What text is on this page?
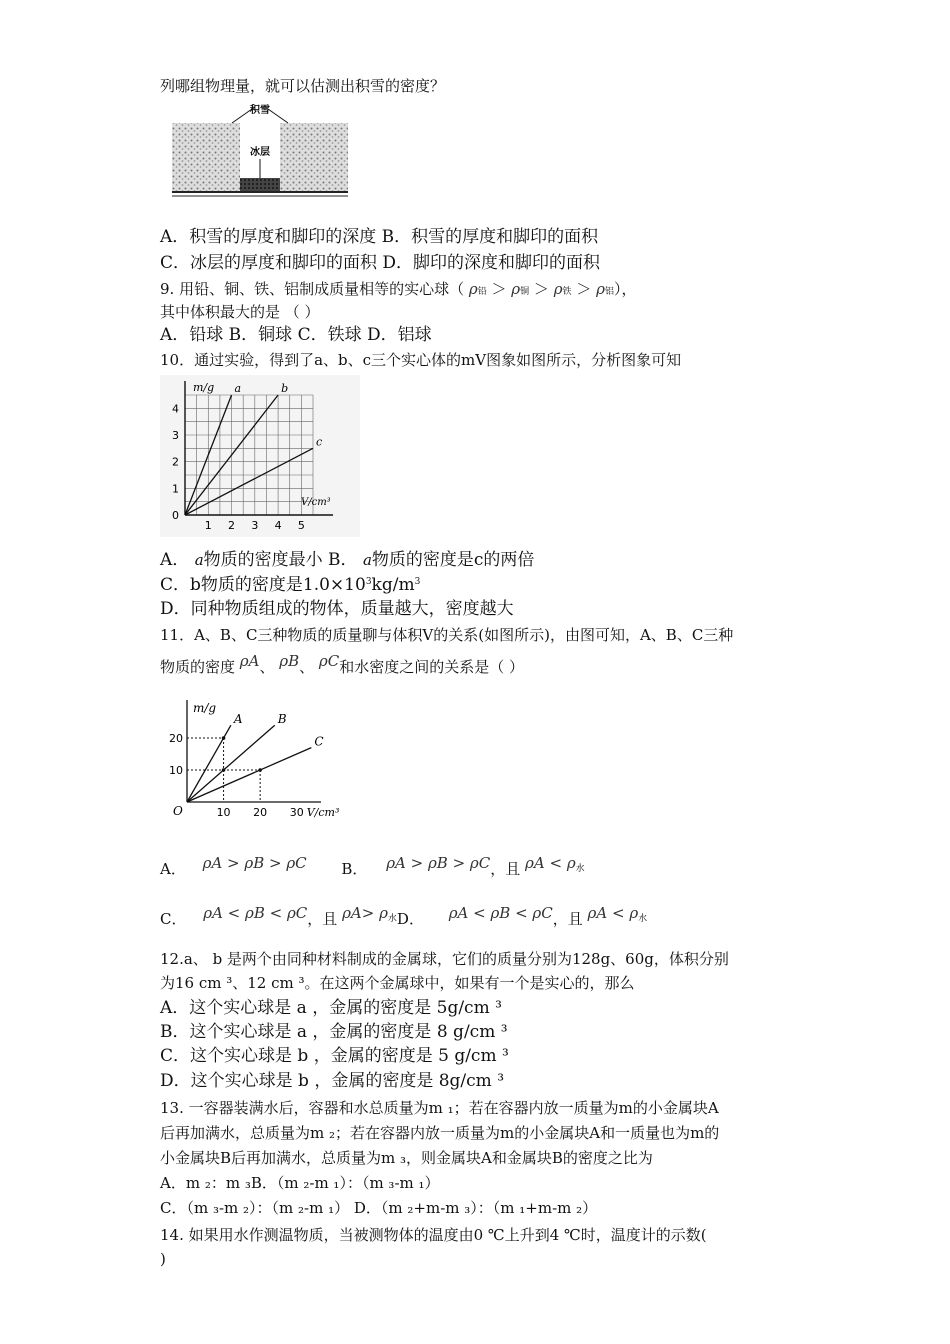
列哪组物理量，就可以估测出积雪的密度？
积雪
冰层
A．积雪的厚度和脚印的深度 B．积雪的厚度和脚印的面积
C．冰层的厚度和脚印的面积 D．脚印的深度和脚印的面积
9. 用铅、铜、铁、铝制成质量相等的实心球（ ρ铅 ＞ ρ铜 ＞ ρ铁 ＞ ρ铝），
其中体积最大的是 （ ）
A．铅球 B．铜球 C．铁球 D．铝球
10．通过实验，得到了a、b、c三个实心体的mV图象如图所示，分析图象可知
m/g
V/cm³
1 2 3 4 5
0
1
2
3
4
a	b
c
A． a物质的密度最小 B． a物质的密度是c的两倍
C．b物质的密度是$1.0\times 10^3kg/m^3$
D．同种物质组成的物体，质量越大，密度越大
11．A、B、C三种物质的质量聊与体积V的关系(如图所示)，由图可知，A、B、C三种
物质的密度 ρA、 ρB、 ρC和水密度之间的关系是（ ）
m/g
O	10 20 30 V/cm³
10
20
A	B
C
A． ρA > ρB > ρC B． ρA > ρB > ρC，且 $\rho A < \rho^水$
C． ρA < ρB < ρC，且 $\rho A> \rho^水D$． ρA < ρB < ρC，且 $\rho A < \rho^水$
12.a、 b 是两个由同种材料制成的金属球，它们的质量分别为128g、60g，体积分别
为16 cm ³、12 cm ³。在这两个金属球中，如果有一个是实心的，那么
A．这个实心球是 a ，金属的密度是 5g/cm ³
B．这个实心球是 a ，金属的密度是 8 g/cm ³
C．这个实心球是 b ，金属的密度是 5 g/cm ³
D．这个实心球是 b ，金属的密度是 8g/cm ³
13. 一容器装满水后，容器和水总质量为m ₁；若在容器内放一质量为m的小金属块A
后再加满水，总质量为m ₂；若在容器内放一质量为m的小金属块A和一质量也为m的
小金属块B后再加满水，总质量为m ₃，则金属块A和金属块B的密度之比为
A．m ₂：m ₃B．（m ₂-m ₁）：（m ₃-m ₁）
C．（m ₃-m ₂）：（m ₂-m ₁） D．（m ₂+m-m ₃）：（m ₁+m-m ₂）
14. 如果用水作测温物质，当被测物体的温度由0 ℃上升到4 ℃时，温度计的示数(
)
